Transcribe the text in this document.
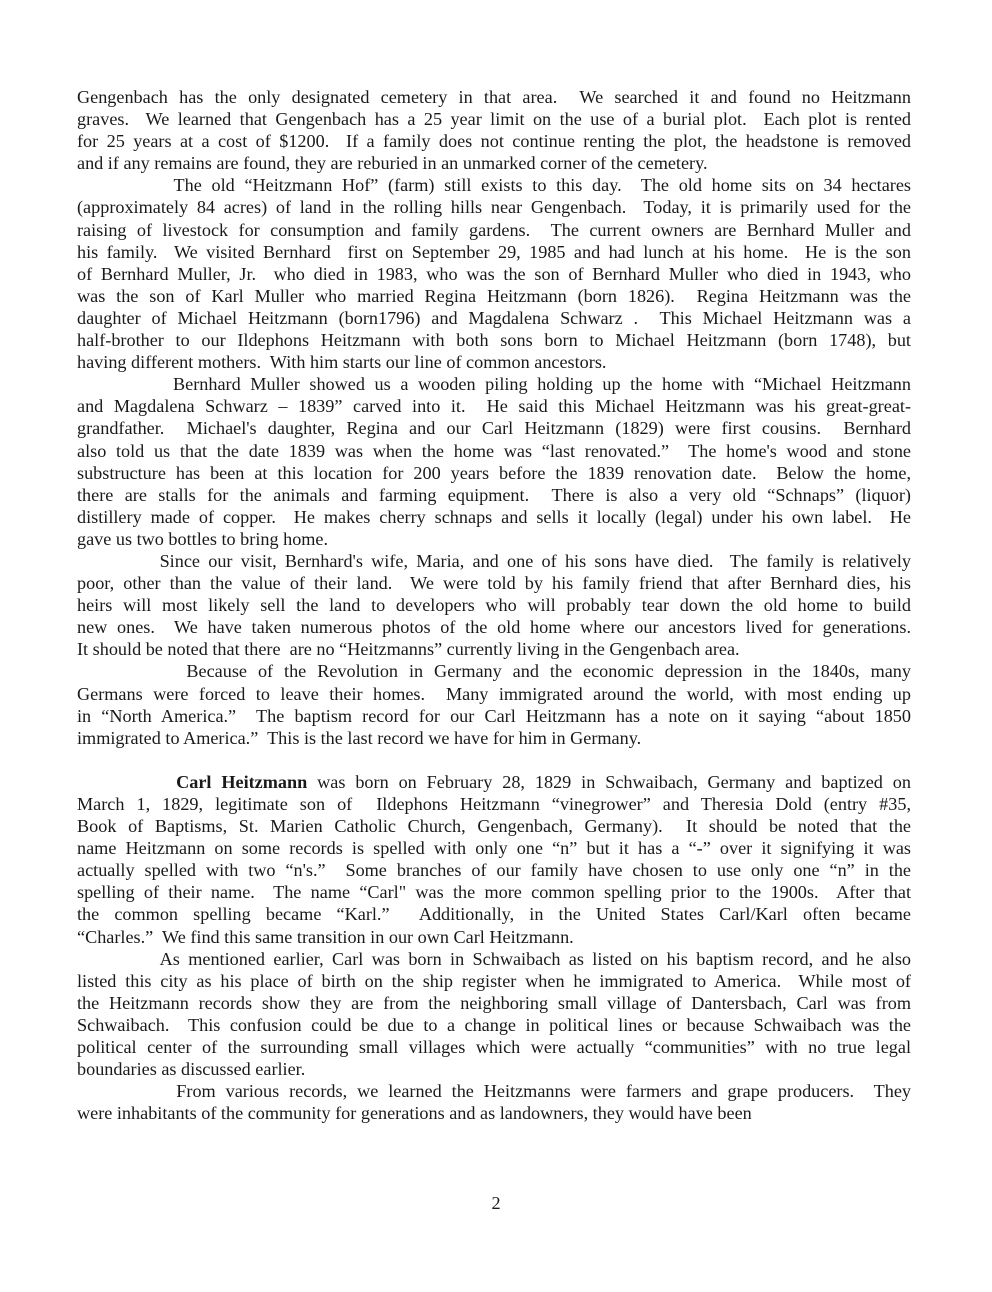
Gengenbach has the only designated cemetery in that area.  We searched it and found no Heitzmann
graves.  We learned that Gengenbach has a 25 year limit on the use of a burial plot.  Each plot is rented
for 25 years at a cost of $1200.  If a family does not continue renting the plot, the headstone is removed
and if any remains are found, they are reburied in an unmarked corner of the cemetery.
The old “Heitzmann Hof” (farm) still exists to this day.  The old home sits on 34 hectares
(approximately 84 acres) of land in the rolling hills near Gengenbach.  Today, it is primarily used for the
raising of livestock for consumption and family gardens.  The current owners are Bernhard Muller and
his family.  We visited Bernhard  first on September 29, 1985 and had lunch at his home.  He is the son
of Bernhard Muller, Jr.  who died in 1983, who was the son of Bernhard Muller who died in 1943, who
was the son of Karl Muller who married Regina Heitzmann (born 1826).  Regina Heitzmann was the
daughter of Michael Heitzmann (born1796) and Magdalena Schwarz .  This Michael Heitzmann was a
half-brother to our Ildephons Heitzmann with both sons born to Michael Heitzmann (born 1748), but
having different mothers.  With him starts our line of common ancestors.
Bernhard Muller showed us a wooden piling holding up the home with “Michael Heitzmann
and Magdalena Schwarz – 1839” carved into it.  He said this Michael Heitzmann was his great-great-
grandfather.  Michael's daughter, Regina and our Carl Heitzmann (1829) were first cousins.  Bernhard
also told us that the date 1839 was when the home was “last renovated.”  The home's wood and stone
substructure has been at this location for 200 years before the 1839 renovation date.  Below the home,
there are stalls for the animals and farming equipment.  There is also a very old “Schnaps” (liquor)
distillery made of copper.  He makes cherry schnaps and sells it locally (legal) under his own label.  He
gave us two bottles to bring home.
Since our visit, Bernhard's wife, Maria, and one of his sons have died.  The family is relatively
poor, other than the value of their land.  We were told by his family friend that after Bernhard dies, his
heirs will most likely sell the land to developers who will probably tear down the old home to build
new ones.  We have taken numerous photos of the old home where our ancestors lived for generations.
It should be noted that there  are no “Heitzmanns” currently living in the Gengenbach area.
Because of the Revolution in Germany and the economic depression in the 1840s, many
Germans were forced to leave their homes.  Many immigrated around the world, with most ending up
in “North America.”  The baptism record for our Carl Heitzmann has a note on it saying “about 1850
immigrated to America.”  This is the last record we have for him in Germany.
Carl Heitzmann was born on February 28, 1829 in Schwaibach, Germany and baptized on
March 1, 1829, legitimate son of  Ildephons Heitzmann “vinegrower” and Theresia Dold (entry #35,
Book of Baptisms, St. Marien Catholic Church, Gengenbach, Germany).  It should be noted that the
name Heitzmann on some records is spelled with only one “n” but it has a “-” over it signifying it was
actually spelled with two “n's.”  Some branches of our family have chosen to use only one “n” in the
spelling of their name.  The name “Carl" was the more common spelling prior to the 1900s.  After that
the common spelling became “Karl.”  Additionally, in the United States Carl/Karl often became
“Charles.”  We find this same transition in our own Carl Heitzmann.
As mentioned earlier, Carl was born in Schwaibach as listed on his baptism record, and he also
listed this city as his place of birth on the ship register when he immigrated to America.  While most of
the Heitzmann records show they are from the neighboring small village of Dantersbach, Carl was from
Schwaibach.  This confusion could be due to a change in political lines or because Schwaibach was the
political center of the surrounding small villages which were actually “communities” with no true legal
boundaries as discussed earlier.
From various records, we learned the Heitzmanns were farmers and grape producers.  They
were inhabitants of the community for generations and as landowners, they would have been
2
